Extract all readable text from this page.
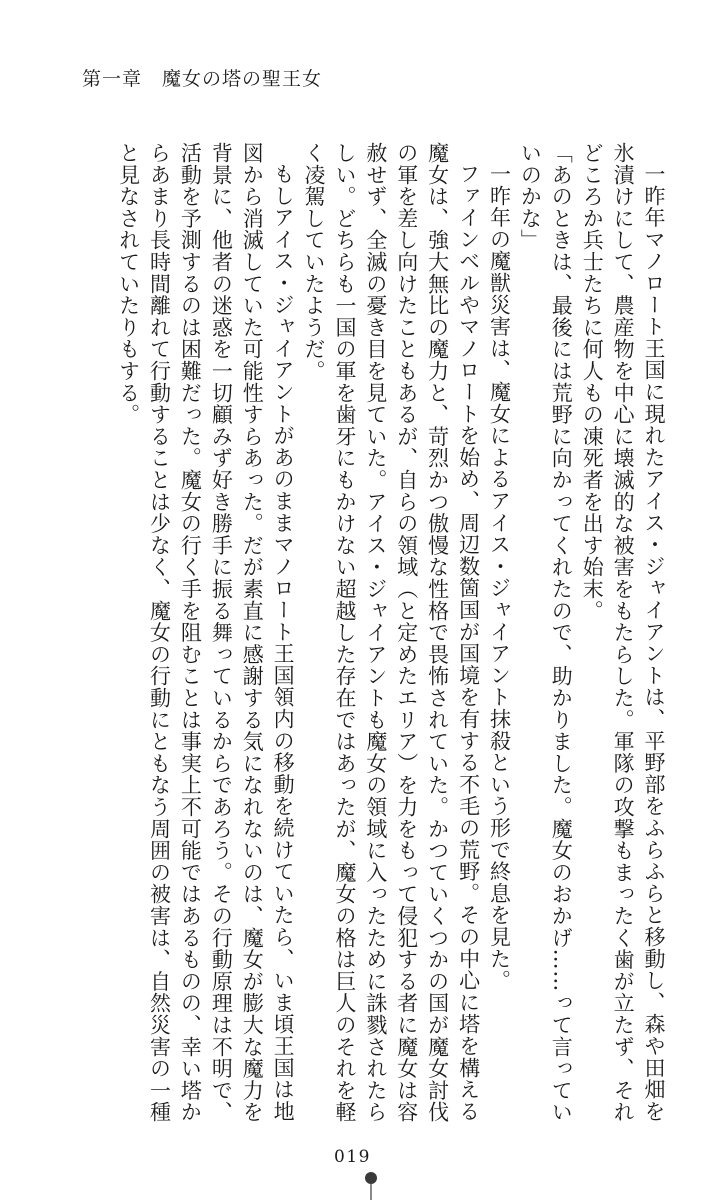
第一章　魔女の塔の聖王女

一昨年マノロート王国に現れたアイス・ジャイアントは、平野部をふらふらと移動し、森や田畑を氷漬けにして、農産物を中心に壊滅的な被害をもたらした。軍隊の攻撃もまったく歯が立たず、それどころか兵士たちに何人もの凍死者を出す始末。

「あのときは、最後には荒野に向かってくれたので、助かりました。魔女のおかげ……って言っていいのかな」

一昨年の魔獣災害は、魔女によるアイス・ジャイアント抹殺という形で終息を見た。

ファインベルやマノロートを始め、周辺数箇国が国境を有する不毛の荒野。その中心に塔を構える魔女は、強大無比の魔力と、苛烈かつ傲慢な性格で畏怖されていた。かつていくつかの国が魔女討伐の軍を差し向けたこともあるが、自らの領域（と定めたエリア）を力をもって侵犯する者に魔女は容赦せず、全滅の憂き目を見ていた。アイス・ジャイアントも魔女の領域に入ったために誅戮されたらしい。どちらも一国の軍を歯牙にもかけない超越した存在ではあったが、魔女の格は巨人のそれを軽く凌駕していたようだ。

もしアイス・ジャイアントがあのままマノロート王国領内の移動を続けていたら、いま頃王国は地図から消滅していた可能性すらあった。だが素直に感謝する気になれないのは、魔女が膨大な魔力を背景に、他者の迷惑を一切顧みず好き勝手に振る舞っているからであろう。その行動原理は不明で、活動を予測するのは困難だった。魔女の行く手を阻むことは事実上不可能ではあるものの、幸い塔からあまり長時間離れて行動することは少なく、魔女の行動にともなう周囲の被害は、自然災害の一種と見なされていたりもする。

019
